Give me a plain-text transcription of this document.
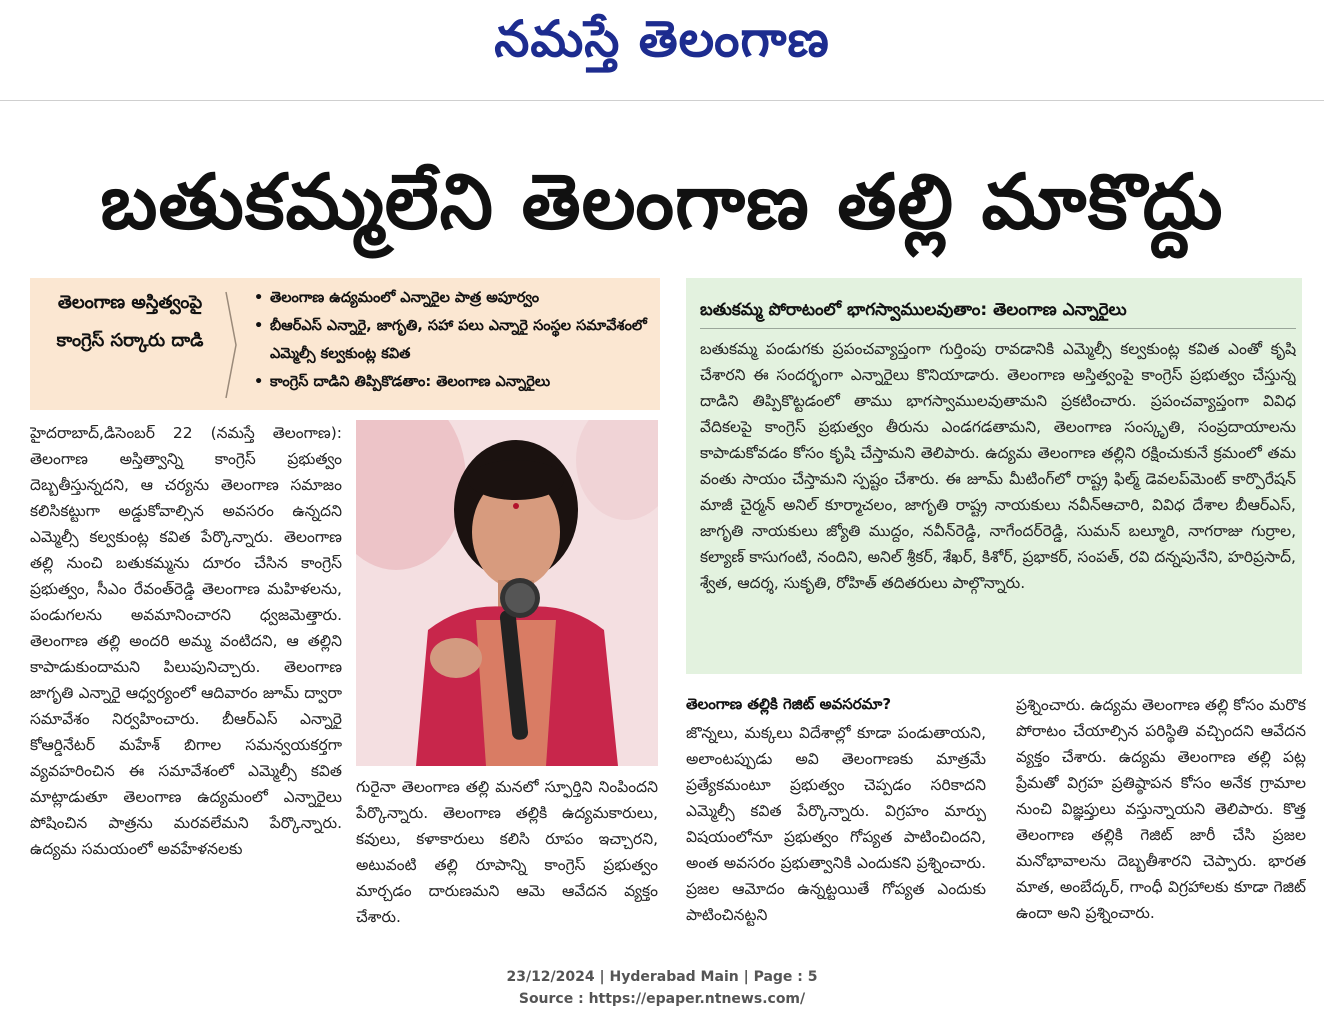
నమస్తే తెలంగాణ
బతుకమ్మలేని తెలంగాణ తల్లి మాకొద్దు
తెలంగాణ అస్తిత్వంపై కాంగ్రెస్ సర్కారు దాడి
• తెలంగాణ ఉద్యమంలో ఎన్నారైల పాత్ర అపూర్వం
• బీఆర్ఎస్ ఎన్నారై, జాగృతి, సహా పలు ఎన్నారై సంస్థల సమావేశంలో ఎమ్మెల్సీ కల్వకుంట్ల కవిత
• కాంగ్రెస్ దాడిని తిప్పికొడతాం: తెలంగాణ ఎన్నారైలు
హైదరాబాద్,డిసెంబర్ 22 (నమస్తే తెలంగాణ): తెలంగాణ అస్తిత్వాన్ని కాంగ్రెస్ ప్రభుత్వం దెబ్బతీస్తున్నదని, ఆ చర్యను తెలంగాణ సమాజం కలిసికట్టుగా అడ్డుకోవాల్సిన అవసరం ఉన్నదని ఎమ్మెల్సీ కల్వకుంట్ల కవిత పేర్కొన్నారు. తెలంగాణ తల్లి నుంచి బతుకమ్మను దూరం చేసిన కాంగ్రెస్ ప్రభుత్వం, సీఎం రేవంత్‌రెడ్డి తెలంగాణ మహిళలను, పండుగలను అవమానించారని ధ్వజమెత్తారు. తెలంగాణ తల్లి అందరి అమ్మ వంటిదని, ఆ తల్లిని కాపాడుకుందామని పిలుపునిచ్చారు. తెలంగాణ జాగృతి ఎన్నారై ఆధ్వర్యంలో ఆదివారం జూమ్ ద్వారా సమావేశం నిర్వహించారు. బీఆర్ఎస్ ఎన్నారై కోఆర్డినేటర్ మహేశ్ బిగాల సమన్వయకర్తగా వ్యవహరించిన ఈ సమావేశంలో ఎమ్మెల్సీ కవిత మాట్లాడుతూ తెలంగాణ ఉద్యమంలో ఎన్నారైలు పోషించిన పాత్రను మరవలేమని పేర్కొన్నారు. ఉద్యమ సమయంలో అవహేళనలకు
గురైనా తెలంగాణ తల్లి మనలో స్ఫూర్తిని నింపిందని పేర్కొన్నారు. తెలంగాణ తల్లికి ఉద్యమకారులు, కవులు, కళాకారులు కలిసి రూపం ఇచ్చారని, అటువంటి తల్లి రూపాన్ని కాంగ్రెస్ ప్రభుత్వం మార్చడం దారుణమని ఆమె ఆవేదన వ్యక్తం చేశారు.
బతుకమ్మ పోరాటంలో భాగస్వాములవుతాం: తెలంగాణ ఎన్నారైలు
బతుకమ్మ పండుగకు ప్రపంచవ్యాప్తంగా గుర్తింపు రావడానికి ఎమ్మెల్సీ కల్వకుంట్ల కవిత ఎంతో కృషి చేశారని ఈ సందర్భంగా ఎన్నారైలు కొనియాడారు. తెలంగాణ అస్తిత్వంపై కాంగ్రెస్ ప్రభుత్వం చేస్తున్న దాడిని తిప్పికొట్టడంలో తాము భాగస్వాములవుతామని ప్రకటించారు. ప్రపంచవ్యాప్తంగా వివిధ వేదికలపై కాంగ్రెస్ ప్రభుత్వం తీరును ఎండగడతామని, తెలంగాణ సంస్కృతి, సంప్రదాయాలను కాపాడుకోవడం కోసం కృషి చేస్తామని తెలిపారు. ఉద్యమ తెలంగాణ తల్లిని రక్షించుకునే క్రమంలో తమ వంతు సాయం చేస్తామని స్పష్టం చేశారు. ఈ జూమ్ మీటింగ్‌లో రాష్ట్ర ఫిల్మ్ డెవలప్‌మెంట్ కార్పొరేషన్ మాజీ చైర్మన్ అనిల్ కూర్మాచలం, జాగృతి రాష్ట్ర నాయకులు నవీన్‌ఆచారి, వివిధ దేశాల బీఆర్ఎస్, జాగృతి నాయకులు జ్యోతి ముద్దం, నవీన్‌రెడ్డి, నాగేందర్‌రెడ్డి, సుమన్ బల్మూరి, నాగరాజు గుర్రాల, కల్యాణ్ కాసుగంటి, నందిని, అనిల్ శ్రీకర్, శేఖర్, కిశోర్, ప్రభాకర్, సంపత్, రవి దన్నపునేని, హరిప్రసాద్, శ్వేత, ఆదర్శ, సుకృతి, రోహిత్ తదితరులు పాల్గొన్నారు.
తెలంగాణ తల్లికి గెజిట్ అవసరమా?
జొన్నలు, మక్కలు విదేశాల్లో కూడా పండుతాయని, అలాంటప్పుడు అవి తెలంగాణకు మాత్రమే ప్రత్యేకమంటూ ప్రభుత్వం చెప్పడం సరికాదని ఎమ్మెల్సీ కవిత పేర్కొన్నారు. విగ్రహం మార్పు విషయంలోనూ ప్రభుత్వం గోప్యత పాటించిందని, అంత అవసరం ప్రభుత్వానికి ఎందుకని ప్రశ్నించారు. ప్రజల ఆమోదం ఉన్నట్టయితే గోప్యత ఎందుకు పాటించినట్టని
ప్రశ్నించారు. ఉద్యమ తెలంగాణ తల్లి కోసం మరొక పోరాటం చేయాల్సిన పరిస్థితి వచ్చిందని ఆవేదన వ్యక్తం చేశారు. ఉద్యమ తెలంగాణ తల్లి పట్ల ప్రేమతో విగ్రహ ప్రతిష్ఠాపన కోసం అనేక గ్రామాల నుంచి విజ్ఞప్తులు వస్తున్నాయని తెలిపారు. కొత్త తెలంగాణ తల్లికి గెజిట్ జారీ చేసి ప్రజల మనోభావాలను దెబ్బతీశారని చెప్పారు. భారత మాత, అంబేద్కర్, గాంధీ విగ్రహాలకు కూడా గెజిట్ ఉందా అని ప్రశ్నించారు.
23/12/2024 | Hyderabad Main | Page : 5
Source : https://epaper.ntnews.com/
